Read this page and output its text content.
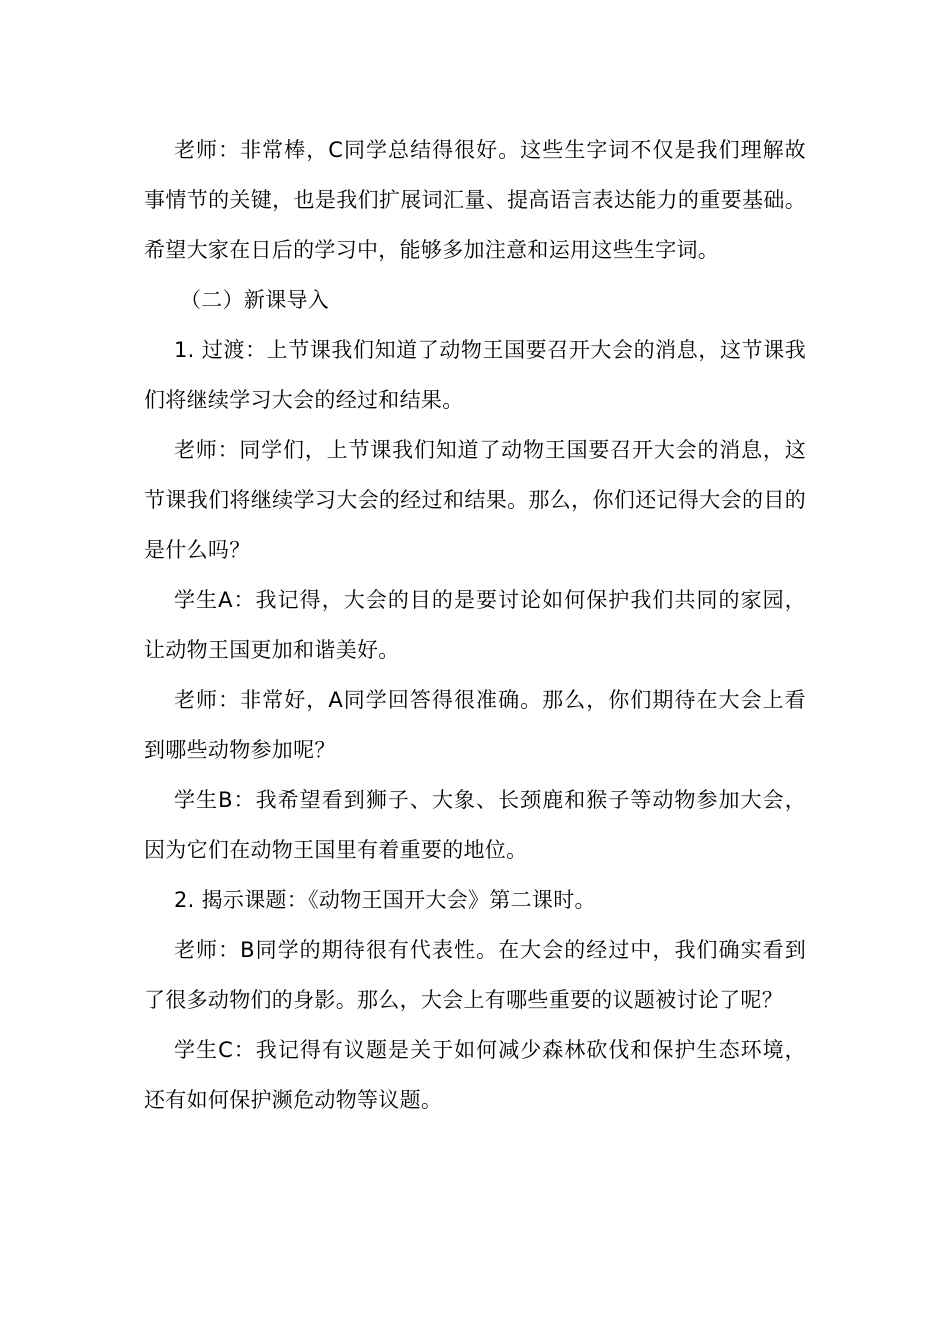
老师：非常棒，C同学总结得很好。这些生字词不仅是我们理解故事情节的关键，也是我们扩展词汇量、提高语言表达能力的重要基础。希望大家在日后的学习中，能够多加注意和运用这些生字词。

（二）新课导入

1. 过渡：上节课我们知道了动物王国要召开大会的消息，这节课我们将继续学习大会的经过和结果。

老师：同学们，上节课我们知道了动物王国要召开大会的消息，这节课我们将继续学习大会的经过和结果。那么，你们还记得大会的目的是什么吗？

学生A：我记得，大会的目的是要讨论如何保护我们共同的家园，让动物王国更加和谐美好。

老师：非常好，A同学回答得很准确。那么，你们期待在大会上看到哪些动物参加呢？

学生B：我希望看到狮子、大象、长颈鹿和猴子等动物参加大会，因为它们在动物王国里有着重要的地位。

2. 揭示课题：《动物王国开大会》第二课时。

老师：B同学的期待很有代表性。在大会的经过中，我们确实看到了很多动物们的身影。那么，大会上有哪些重要的议题被讨论了呢？

学生C：我记得有议题是关于如何减少森林砍伐和保护生态环境，还有如何保护濒危动物等议题。
